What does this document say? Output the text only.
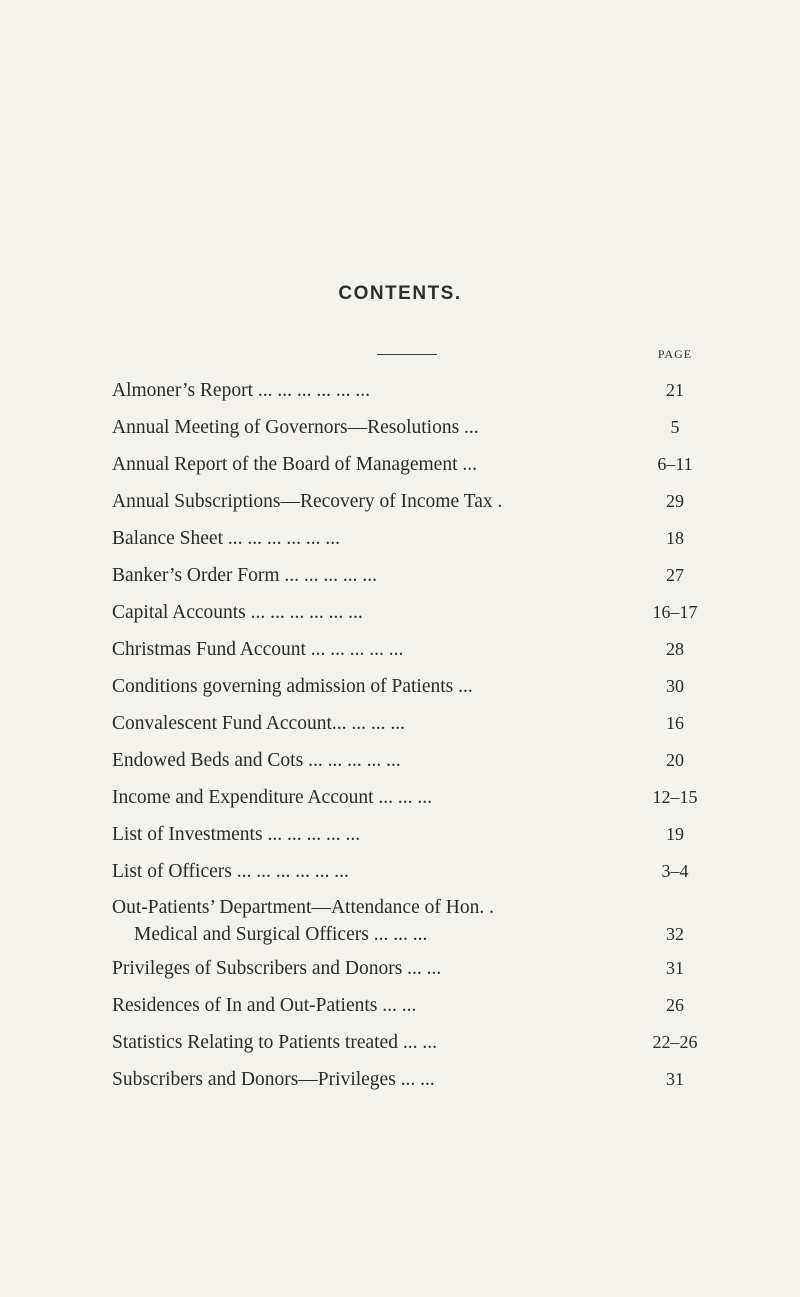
CONTENTS.
PAGE
Almoner’s Report ... ... ... ... ... ...	21
Annual Meeting of Governors—Resolutions ...	5
Annual Report of the Board of Management ...	6–11
Annual Subscriptions—Recovery of Income Tax .	29
Balance Sheet ... ... ... ... ... ...	18
Banker’s Order Form ... ... ... ... ...	27
Capital Accounts ... ... ... ... ... ...	16–17
Christmas Fund Account ... ... ... ... ...	28
Conditions governing admission of Patients ...	30
Convalescent Fund Account... ... ... ...	16
Endowed Beds and Cots ... ... ... ... ...	20
Income and Expenditure Account ... ... ...	12–15
List of Investments ... ... ... ... ...	19
List of Officers ... ... ... ... ... ...	3–4
Out-Patients’ Department—Attendance of Hon. .
Medical and Surgical Officers ... ... ...	32
Privileges of Subscribers and Donors ... ...	31
Residences of In and Out-Patients ... ...	26
Statistics Relating to Patients treated ... ...	22–26
Subscribers and Donors—Privileges ... ...	31
